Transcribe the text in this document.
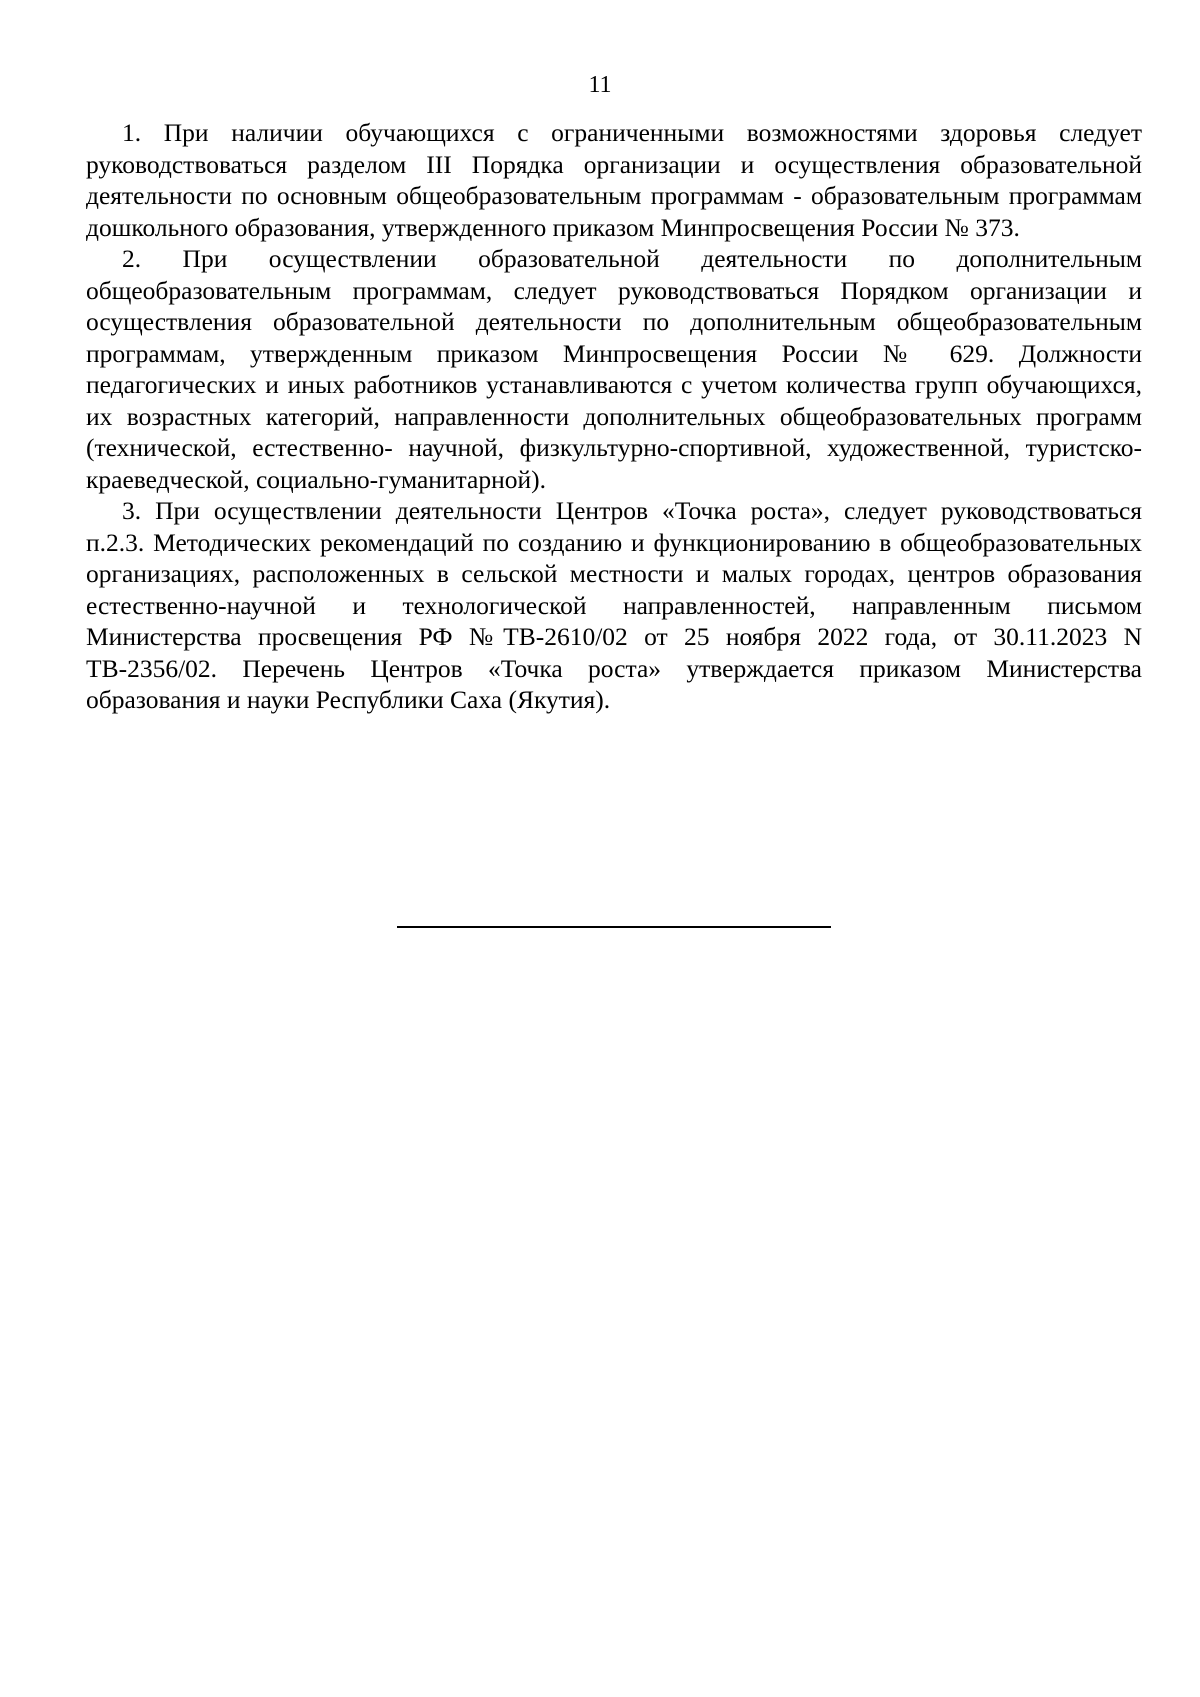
11

1. При наличии обучающихся с ограниченными возможностями здоровья следует руководствоваться разделом III Порядка организации и осуществления образовательной деятельности по основным общеобразовательным программам - образовательным программам дошкольного образования, утвержденного приказом Минпросвещения России № 373.

2. При осуществлении образовательной деятельности по дополнительным общеобразовательным программам, следует руководствоваться Порядком организации и осуществления образовательной деятельности по дополнительным общеобразовательным программам, утвержденным приказом Минпросвещения России № 629. Должности педагогических и иных работников устанавливаются с учетом количества групп обучающихся, их возрастных категорий, направленности дополнительных общеобразовательных программ (технической, естественно- научной, физкультурно-спортивной, художественной, туристско-краеведческой, социально-гуманитарной).

3. При осуществлении деятельности Центров «Точка роста», следует руководствоваться п.2.3. Методических рекомендаций по созданию и функционированию в общеобразовательных организациях, расположенных в сельской местности и малых городах, центров образования естественно-научной и технологической направленностей, направленным письмом Министерства просвещения РФ №ТВ-2610/02 от 25 ноября 2022 года, от 30.11.2023 N ТВ-2356/02. Перечень Центров «Точка роста» утверждается приказом Министерства образования и науки Республики Саха (Якутия).
